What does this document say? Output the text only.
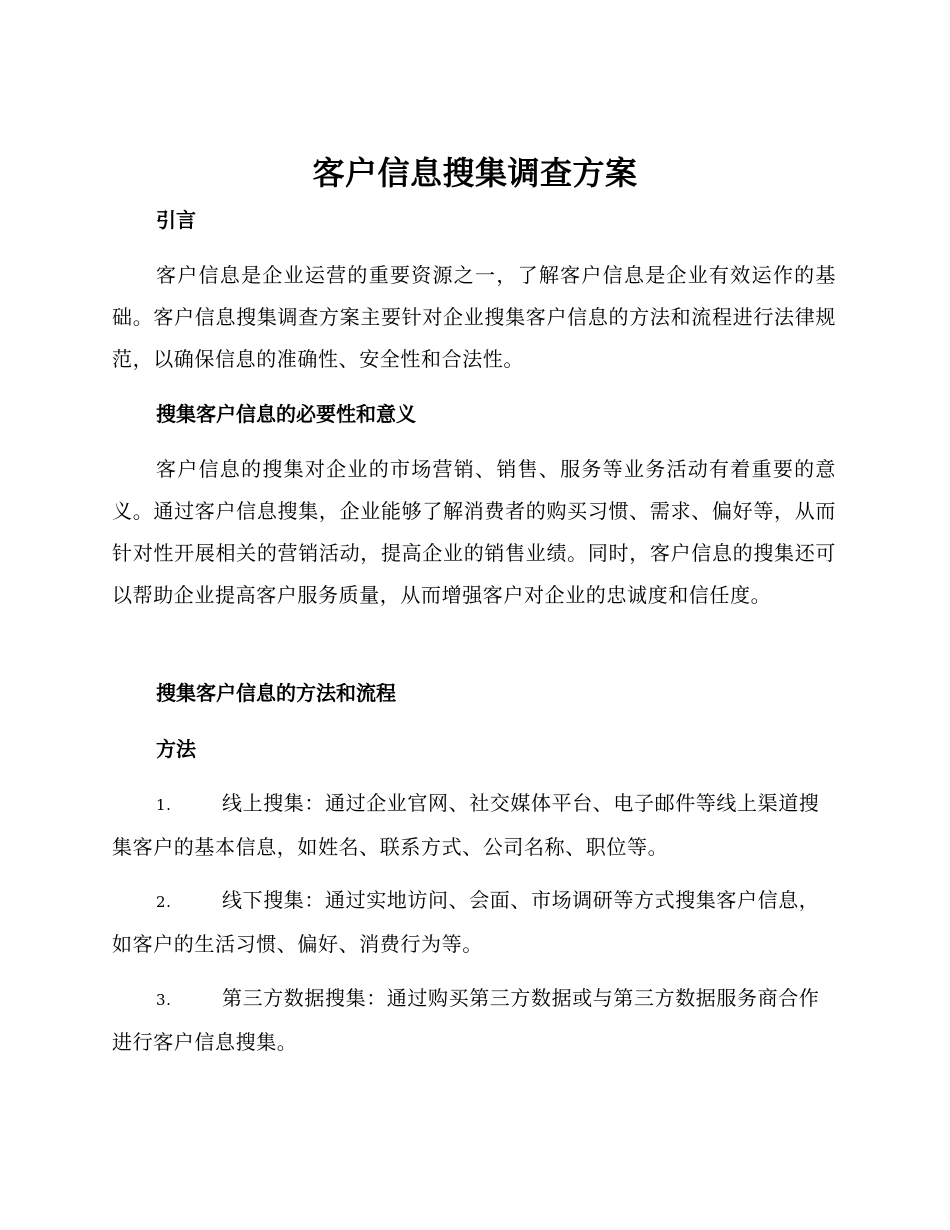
客户信息搜集调查方案
引言
客户信息是企业运营的重要资源之一，了解客户信息是企业有效运作的基础。客户信息搜集调查方案主要针对企业搜集客户信息的方法和流程进行法律规范，以确保信息的准确性、安全性和合法性。
搜集客户信息的必要性和意义
客户信息的搜集对企业的市场营销、销售、服务等业务活动有着重要的意义。通过客户信息搜集，企业能够了解消费者的购买习惯、需求、偏好等，从而针对性开展相关的营销活动，提高企业的销售业绩。同时，客户信息的搜集还可以帮助企业提高客户服务质量，从而增强客户对企业的忠诚度和信任度。
搜集客户信息的方法和流程
方法
1.	线上搜集：通过企业官网、社交媒体平台、电子邮件等线上渠道搜集客户的基本信息，如姓名、联系方式、公司名称、职位等。
2.	线下搜集：通过实地访问、会面、市场调研等方式搜集客户信息，如客户的生活习惯、偏好、消费行为等。
3.	第三方数据搜集：通过购买第三方数据或与第三方数据服务商合作进行客户信息搜集。
